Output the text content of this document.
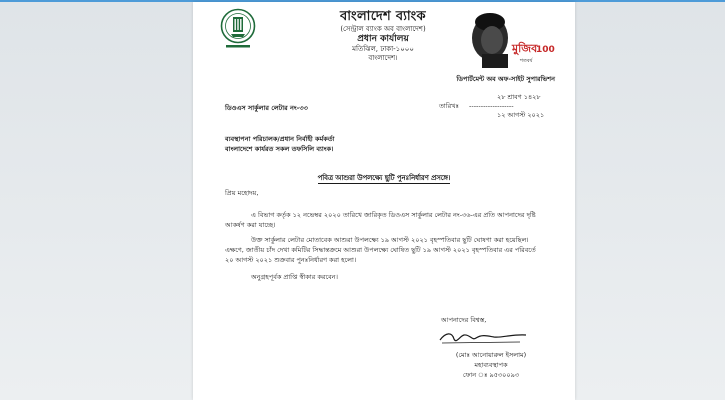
বাংলাদেশ ব্যাংক
(সেন্ট্রাল ব্যাংক অব বাংলাদেশ)
প্রধান কার্যালয়
মতিঝিল, ঢাকা-১০০০
বাংলাদেশ।
মুজিব
100
শতবর্ষ
ডিপার্টমেন্ট অব অফ-সাইট সুপারভিশন
২৮ শ্রাবণ ১৪২৮
তারিখঃ	-------------------
১২ আগস্ট ২০২১
ডিওএস সার্কুলার লেটার নং-৩৩
ব্যবস্থাপনা পরিচালক/প্রধান নির্বাহী কর্মকর্তা
বাংলাদেশে কার্যরত সকল তফসিলি ব্যাংক।
পবিত্র আশুরা উপলক্ষ্যে ছুটি পুনঃনির্ধারণ প্রসঙ্গে।
প্রিয় মহোদয়,

এ বিভাগ কর্তৃক ১২ নভেম্বর ২০২০ তারিখে জারিকৃত ডিওএস সার্কুলার লেটার নং-৩৬-এর প্রতি আপনাদের দৃষ্টি আকর্ষণ করা যাচ্ছে।

উক্ত সার্কুলার লেটার মোতাবেক আশুরা উপলক্ষ্যে ১৯ আগস্ট ২০২১ বৃহস্পতিবার ছুটি ঘোষণা করা হয়েছিল। এক্ষণে, জাতীয় চাঁদ দেখা কমিটির সিদ্ধান্তক্রমে আশুরা উপলক্ষ্যে ঘোষিত ছুটি ১৯ আগস্ট ২০২১ বৃহস্পতিবার এর পরিবর্তে ২০ আগস্ট ২০২১ শুক্রবার পুনঃনির্ধারণ করা হলো।

অনুগ্রহপূর্বক প্রাপ্তি স্বীকার করবেন।

আপনাদের বিশ্বস্ত,
(মোঃ আনোয়ারুল ইসলাম)
মহাব্যবস্থাপক
ফোন ঃ ৯৫৩০০৯৩
